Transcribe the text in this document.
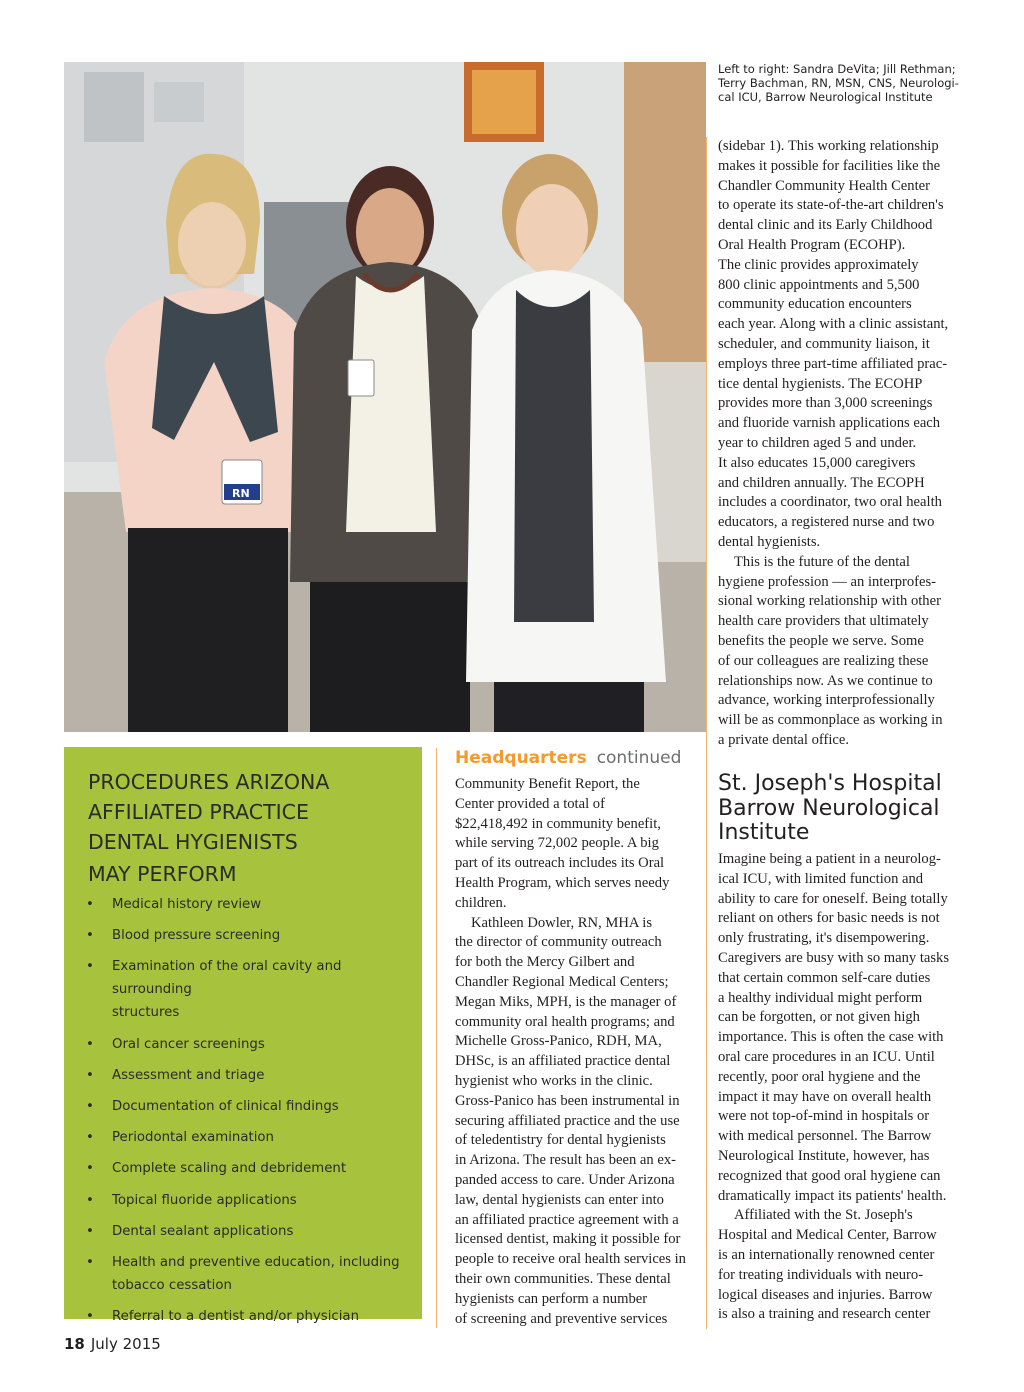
RN
BARROW
Left to right: Sandra DeVita; Jill Rethman;
Terry Bachman, RN, MSN, CNS, Neurologi-
cal ICU, Barrow Neurological Institute
(sidebar 1). This working relationship
makes it possible for facilities like the
Chandler Community Health Center
to operate its state-of-the-art children's
dental clinic and its Early Childhood
Oral Health Program (ECOHP).
The clinic provides approximately
800 clinic appointments and 5,500
community education encounters
each year. Along with a clinic assistant,
scheduler, and community liaison, it
employs three part-time affiliated prac-
tice dental hygienists. The ECOHP
provides more than 3,000 screenings
and fluoride varnish applications each
year to children aged 5 and under.
It also educates 15,000 caregivers
and children annually. The ECOPH
includes a coordinator, two oral health
educators, a registered nurse and two
dental hygienists.
This is the future of the dental
hygiene profession — an interprofes-
sional working relationship with other
health care providers that ultimately
benefits the people we serve. Some
of our colleagues are realizing these
relationships now. As we continue to
advance, working interprofessionally
will be as commonplace as working in
a private dental office.
PROCEDURES ARIZONA
AFFILIATED PRACTICE
DENTAL HYGIENISTS
MAY PERFORM
• Medical history review
• Blood pressure screening
• Examination of the oral cavity and surrounding
structures
• Oral cancer screenings
• Assessment and triage
• Documentation of clinical findings
• Periodontal examination
• Complete scaling and debridement
• Topical fluoride applications
• Dental sealant applications
• Health and preventive education, including
tobacco cessation
• Referral to a dentist and/or physician
Headquarters continued
Community Benefit Report, the
Center provided a total of
$22,418,492 in community benefit,
while serving 72,002 people. A big
part of its outreach includes its Oral
Health Program, which serves needy
children.
Kathleen Dowler, RN, MHA is
the director of community outreach
for both the Mercy Gilbert and
Chandler Regional Medical Centers;
Megan Miks, MPH, is the manager of
community oral health programs; and
Michelle Gross-Panico, RDH, MA,
DHSc, is an affiliated practice dental
hygienist who works in the clinic.
Gross-Panico has been instrumental in
securing affiliated practice and the use
of teledentistry for dental hygienists
in Arizona. The result has been an ex-
panded access to care. Under Arizona
law, dental hygienists can enter into
an affiliated practice agreement with a
licensed dentist, making it possible for
people to receive oral health services in
their own communities. These dental
hygienists can perform a number
of screening and preventive services
St. Joseph's Hospital
Barrow Neurological
Institute
Imagine being a patient in a neurolog-
ical ICU, with limited function and
ability to care for oneself. Being totally
reliant on others for basic needs is not
only frustrating, it's disempowering.
Caregivers are busy with so many tasks
that certain common self-care duties
a healthy individual might perform
can be forgotten, or not given high
importance. This is often the case with
oral care procedures in an ICU. Until
recently, poor oral hygiene and the
impact it may have on overall health
were not top-of-mind in hospitals or
with medical personnel. The Barrow
Neurological Institute, however, has
recognized that good oral hygiene can
dramatically impact its patients' health.
Affiliated with the St. Joseph's
Hospital and Medical Center, Barrow
is an internationally renowned center
for treating individuals with neuro-
logical diseases and injuries. Barrow
is also a training and research center
18 July 2015
